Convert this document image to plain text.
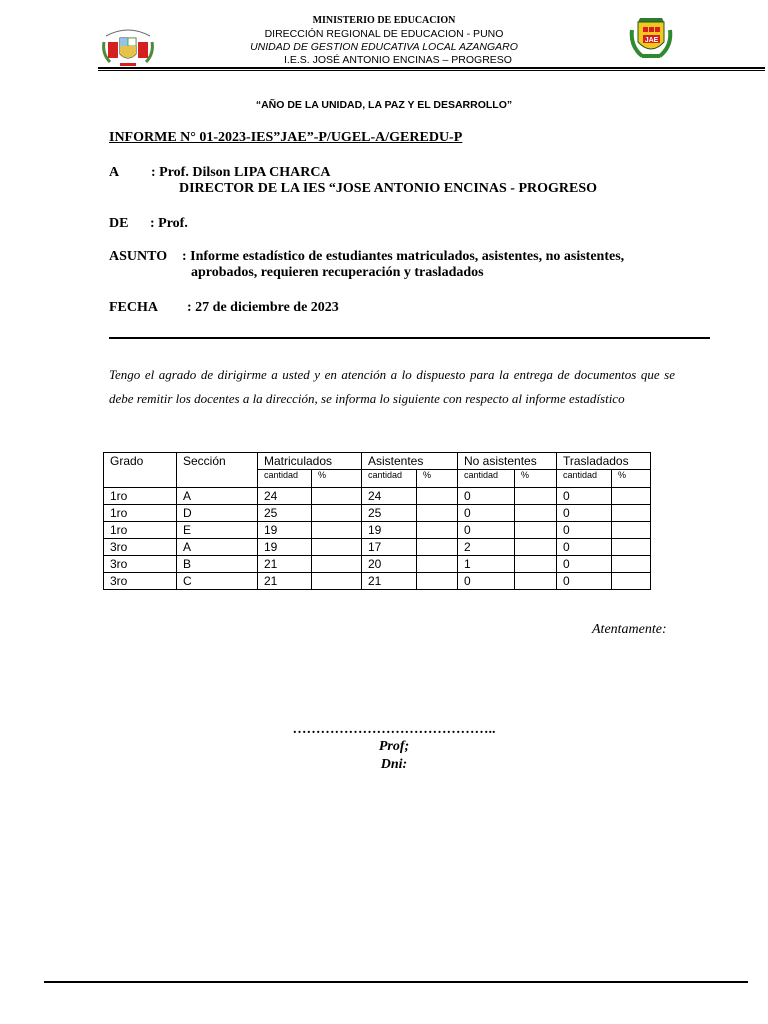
JAE
MINISTERIO DE EDUCACION
DIRECCIÓN REGIONAL DE EDUCACION - PUNO
UNIDAD DE GESTION EDUCATIVA LOCAL AZANGARO
I.E.S. JOSÉ ANTONIO ENCINAS – PROGRESO
“AÑO DE LA UNIDAD, LA PAZ Y EL DESARROLLO”
INFORME N° 01-2023-IES”JAE”-P/UGEL-A/GEREDU-P
A : Prof. Dilson LIPA CHARCA
DIRECTOR DE LA IES “JOSE ANTONIO ENCINAS - PROGRESO
DE : Prof.
ASUNTO : Informe estadístico de estudiantes matriculados, asistentes, no asistentes,
aprobados, requieren recuperación y trasladados
FECHA : 27 de diciembre de 2023
Tengo el agrado de dirigirme a usted y en atención a lo dispuesto para la entrega de documentos que se debe remitir los docentes a la dirección, se informa lo siguiente con respecto al informe estadístico
Grado	Sección	Matriculados		Asistentes		No asistentes		Trasladados	
		cantidad	%	cantidad	%	cantidad	%	cantidad	%
1ro	A	24		24		0		0	
1ro	D	25		25		0		0	
1ro	E	19		19		0		0	
3ro	A	19		17		2		0	
3ro	B	21		20		1		0	
3ro	C	21		21		0		0	
Atentamente:
……………………………………..
Prof;
Dni:
